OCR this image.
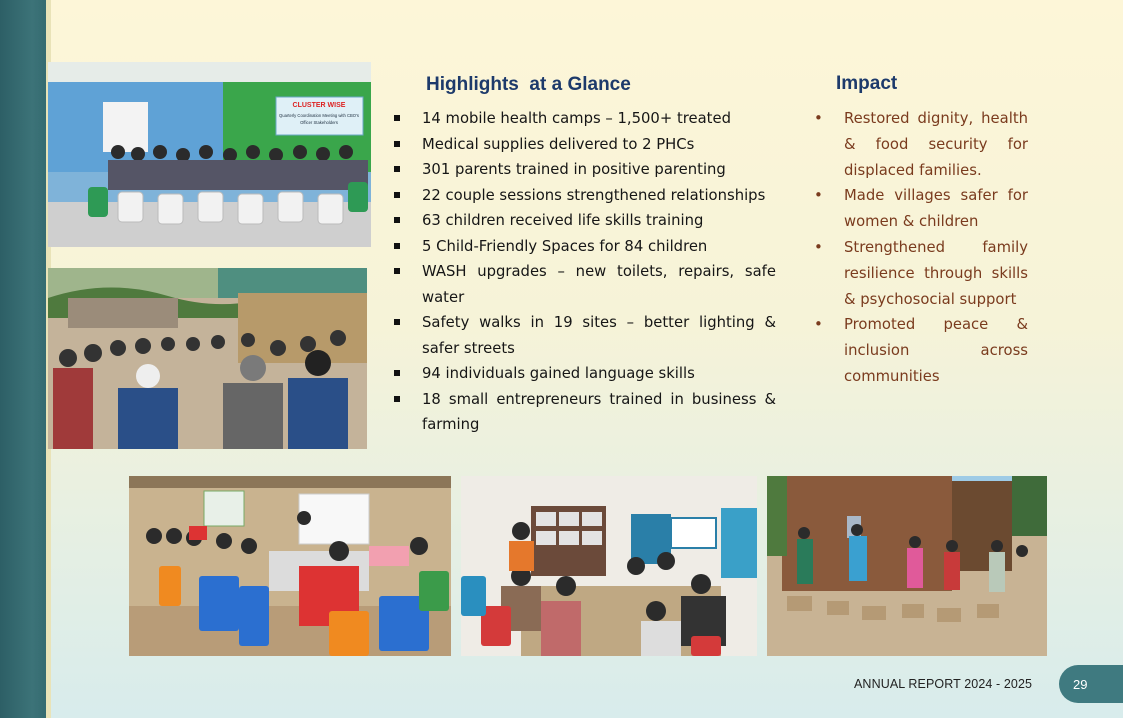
CLUSTER WISE
Quarterly Coordination Meeting with CBO's
Officer Stakeholders
Highlights  at a Glance
14 mobile health camps – 1,500+ treated
Medical supplies delivered to 2 PHCs
301 parents trained in positive parenting
22 couple sessions strengthened relationships
63 children received life skills training
5 Child-Friendly Spaces for 84 children
WASH upgrades – new toilets, repairs, safe water
Safety walks in 19 sites – better lighting & safer streets
94 individuals gained language skills
18 small entrepreneurs trained in business & farming
Impact
• Restored dignity, health & food security for displaced families.
• Made villages safer for women & children
• Strengthened family resilience through skills & psychosocial support
• Promoted peace & inclusion across communities
ANNUAL REPORT 2024 - 2025	29
